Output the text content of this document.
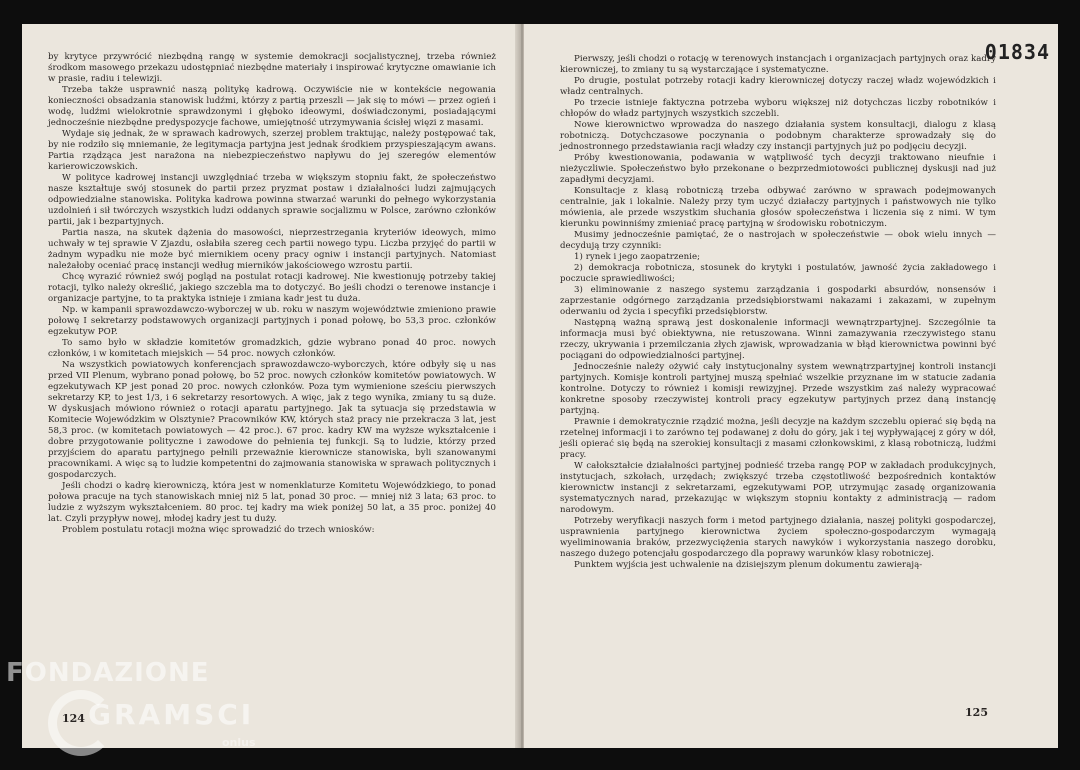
by krytyce przywrócić niezbędną rangę w systemie demokracji socjalistycznej, trzeba również środkom masowego przekazu udostępniać niezbędne materiały i inspirować krytyczne omawianie ich w prasie, radiu i telewizji.

Trzeba także usprawnić naszą politykę kadrową. Oczywiście nie w kontekście negowania konieczności obsadzania stanowisk ludźmi, którzy z partią przeszli — jak się to mówi — przez ogień i wodę, ludźmi wielokrotnie sprawdzonymi i głęboko ideowymi, doświadczonymi, posiadającymi jednocześnie niezbędne predyspozycje fachowe, umiejętność utrzymywania ścisłej więzi z masami.

Wydaje się jednak, że w sprawach kadrowych, szerzej problem traktując, należy postępować tak, by nie rodziło się mniemanie, że legitymacja partyjna jest jednak środkiem przyspieszającym awans. Partia rządząca jest narażona na niebezpieczeństwo napływu do jej szeregów elementów karierowiczowskich.

W polityce kadrowej instancji uwzględniać trzeba w większym stopniu fakt, że społeczeństwo nasze kształtuje swój stosunek do partii przez pryzmat postaw i działalności ludzi zajmujących odpowiedzialne stanowiska. Polityka kadrowa powinna stwarzać warunki do pełnego wykorzystania uzdolnień i sił twórczych wszystkich ludzi oddanych sprawie socjalizmu w Polsce, zarówno członków partii, jak i bezpartyjnych.

Partia nasza, na skutek dążenia do masowości, nieprzestrzegania kryteriów ideowych, mimo uchwały w tej sprawie V Zjazdu, osłabiła szereg cech partii nowego typu. Liczba przyjęć do partii w żadnym wypadku nie może być miernikiem oceny pracy ogniw i instancji partyjnych. Natomiast należałoby oceniać pracę instancji według mierników jakościowego wzrostu partii.

Chcę wyrazić również swój pogląd na postulat rotacji kadrowej. Nie kwestionuję potrzeby takiej rotacji, tylko należy określić, jakiego szczebla ma to dotyczyć. Bo jeśli chodzi o terenowe instancje i organizacje partyjne, to ta praktyka istnieje i zmiana kadr jest tu duża.

Np. w kampanii sprawozdawczo-wyborczej w ub. roku w naszym województwie zmieniono prawie połowę I sekretarzy podstawowych organizacji partyjnych i ponad połowę, bo 53,3 proc. członków egzekutyw POP.

To samo było w składzie komitetów gromadzkich, gdzie wybrano ponad 40 proc. nowych członków, i w komitetach miejskich — 54 proc. nowych członków.

Na wszystkich powiatowych konferencjach sprawozdawczo-wyborczych, które odbyły się u nas przed VII Plenum, wybrano ponad połowę, bo 52 proc. nowych członków komitetów powiatowych. W egzekutywach KP jest ponad 20 proc. nowych członków. Poza tym wymienione sześciu pierwszych sekretarzy KP, to jest 1/3, i 6 sekretarzy resortowych. A więc, jak z tego wynika, zmiany tu są duże. W dyskusjach mówiono również o rotacji aparatu partyjnego. Jak ta sytuacja się przedstawia w Komitecie Wojewódzkim w Olsztynie? Pracowników KW, których staż pracy nie przekracza 3 lat, jest 58,3 proc. (w komitetach powiatowych — 42 proc.). 67 proc. kadry KW ma wyższe wykształcenie i dobre przygotowanie polityczne i zawodowe do pełnienia tej funkcji. Są to ludzie, którzy przed przyjściem do aparatu partyjnego pełnili przeważnie kierownicze stanowiska, byli szanowanymi pracownikami. A więc są to ludzie kompetentni do zajmowania stanowiska w sprawach politycznych i gospodarczych.

Jeśli chodzi o kadrę kierowniczą, która jest w nomenklaturze Komitetu Wojewódzkiego, to ponad połowa pracuje na tych stanowiskach mniej niż 5 lat, ponad 30 proc. — mniej niż 3 lata; 63 proc. to ludzie z wyższym wykształceniem. 80 proc. tej kadry ma wiek poniżej 50 lat, a 35 proc. poniżej 40 lat. Czyli przypływ nowej, młodej kadry jest tu duży.

Problem postulatu rotacji można więc sprowadzić do trzech wniosków:

124
01834

Pierwszy, jeśli chodzi o rotację w terenowych instancjach i organizacjach partyjnych oraz kadry kierowniczej, to zmiany tu są wystarczające i systematyczne.

Po drugie, postulat potrzeby rotacji kadry kierowniczej dotyczy raczej władz wojewódzkich i władz centralnych.

Po trzecie istnieje faktyczna potrzeba wyboru większej niż dotychczas liczby robotników i chłopów do władz partyjnych wszystkich szczebli.

Nowe kierownictwo wprowadza do naszego działania system konsultacji, dialogu z klasą robotniczą. Dotychczasowe poczynania o podobnym charakterze sprowadzały się do jednostronnego przedstawiania racji władzy czy instancji partyjnych już po podjęciu decyzji.

Próby kwestionowania, podawania w wątpliwość tych decyzji traktowano nieufnie i nieżyczliwie. Społeczeństwo było przekonane o bezprzedmiotowości publicznej dyskusji nad już zapadłymi decyzjami.

Konsultacje z klasą robotniczą trzeba odbywać zarówno w sprawach podejmowanych centralnie, jak i lokalnie. Należy przy tym uczyć działaczy partyjnych i państwowych nie tylko mówienia, ale przede wszystkim słuchania głosów społeczeństwa i liczenia się z nimi. W tym kierunku powinniśmy zmieniać pracę partyjną w środowisku robotniczym.

Musimy jednocześnie pamiętać, że o nastrojach w społeczeństwie — obok wielu innych — decydują trzy czynniki:

1) rynek i jego zaopatrzenie;

2) demokracja robotnicza, stosunek do krytyki i postulatów, jawność życia zakładowego i poczucie sprawiedliwości;

3) eliminowanie z naszego systemu zarządzania i gospodarki absurdów, nonsensów i zaprzestanie odgórnego zarządzania przedsiębiorstwami nakazami i zakazami, w zupełnym oderwaniu od życia i specyfiki przedsiębiorstw.

Następną ważną sprawą jest doskonalenie informacji wewnątrzpartyjnej. Szczególnie ta informacja musi być obiektywna, nie retuszowana. Winni zamazywania rzeczywistego stanu rzeczy, ukrywania i przemilczania złych zjawisk, wprowadzania w błąd kierownictwa powinni być pociągani do odpowiedzialności partyjnej.

Jednocześnie należy ożywić cały instytucjonalny system wewnątrzpartyjnej kontroli instancji partyjnych. Komisje kontroli partyjnej muszą spełniać wszelkie przyznane im w statucie zadania kontrolne. Dotyczy to również i komisji rewizyjnej. Przede wszystkim zaś należy wypracować konkretne sposoby rzeczywistej kontroli pracy egzekutyw partyjnych przez daną instancję partyjną.

Prawnie i demokratycznie rządzić można, jeśli decyzje na każdym szczeblu opierać się będą na rzetelnej informacji i to zarówno tej podawanej z dołu do góry, jak i tej wypływającej z góry w dół, jeśli opierać się będą na szerokiej konsultacji z masami członkowskimi, z klasą robotniczą, ludźmi pracy.

W całokształcie działalności partyjnej podnieść trzeba rangę POP w zakładach produkcyjnych, instytucjach, szkołach, urzędach; zwiększyć trzeba częstotliwość bezpośrednich kontaktów kierownictw instancji z sekretarzami, egzekutywami POP, utrzymując zasadę organizowania systematycznych narad, przekazując w większym stopniu kontakty z administracją — radom narodowym.

Potrzeby weryfikacji naszych form i metod partyjnego działania, naszej polityki gospodarczej, usprawnienia partyjnego kierownictwa życiem społeczno-gospodarczym wymagają wyeliminowania braków, przezwyciężenia starych nawyków i wykorzystania naszego dorobku, naszego dużego potencjału gospodarczego dla poprawy warunków klasy robotniczej.

Punktem wyjścia jest uchwalenie na dzisiejszym plenum dokumentu zawierają-

125
FONDAZIONE
GRAMSCI
onlus
